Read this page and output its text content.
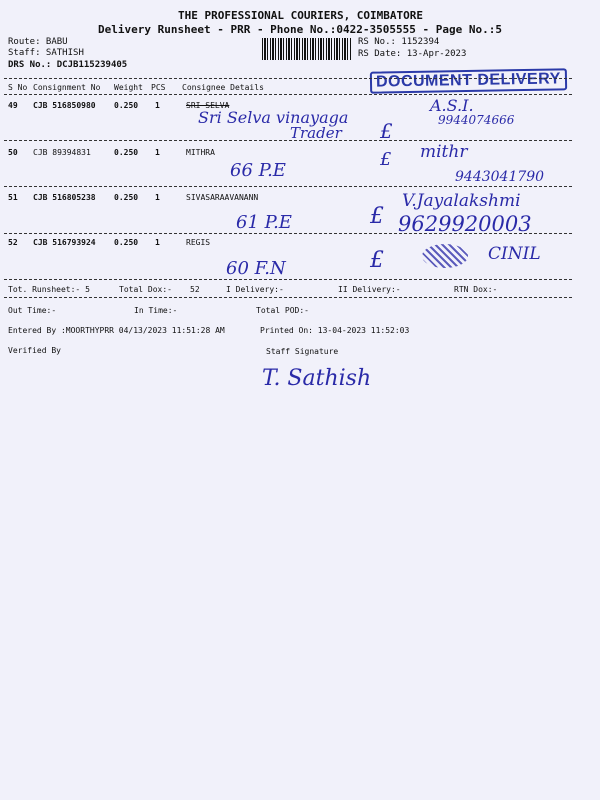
THE PROFESSIONAL COURIERS, COIMBATORE
Delivery Runsheet - PRR - Phone No.:0422-3505555 - Page No.:5
Route: BABU
Staff: SATHISH
DRS No.: DCJB115239405
RS No.: 1152394
RS Date: 13-Apr-2023
DOCUMENT DELIVERY
S No Consignment No Weight PCS Consignee Details
49 CJB 516850980 0.250 1	SRI SELVA
Sri Selva vinayaga
Trader £
A.S.I.
9944074666
50 CJB 89394831	0.250 1	MITHRA
66 P.E
£ mithr
9443041790
51 CJB 516805238 0.250 1	SIVASARAAVANANN
61 P.E	£
V.Jayalakshmi
9629920003
52 CJB 516793924 0.250 1	REGIS
60 F.N	£	CINIL
Tot. Runsheet:- 5	Total Dox:- 52	I Delivery:-	II Delivery:-	RTN Dox:-
Out Time:-	In Time:-	Total POD:-
Entered By :MOORTHYPRR 04/13/2023 11:51:28 AM	Printed On: 13-04-2023 11:52:03
Verified By	Staff Signature
T. Sathish
